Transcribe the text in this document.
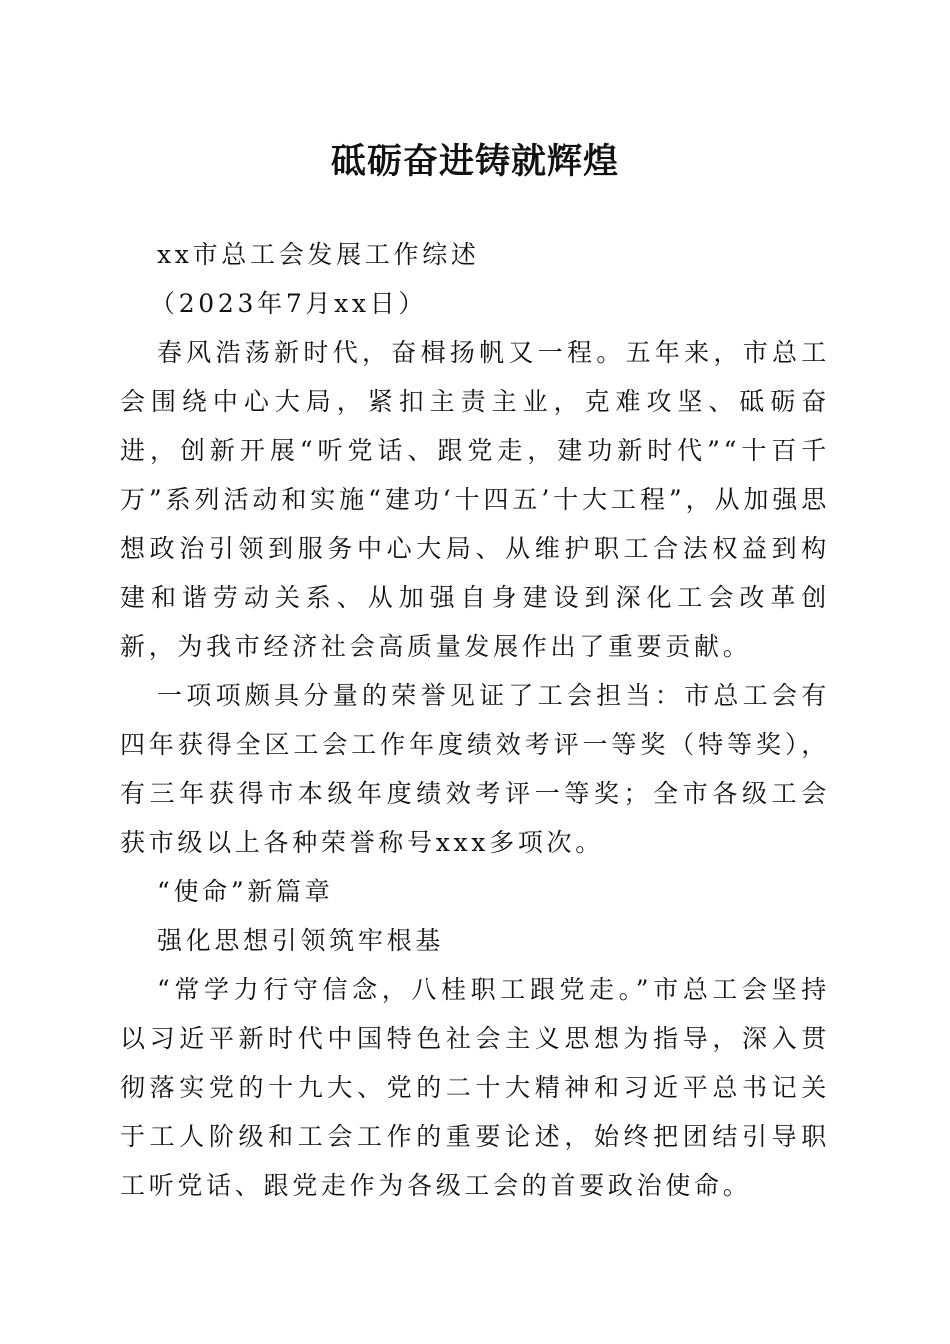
砥砺奋进铸就辉煌

xx市总工会发展工作综述

（2023年7月xx日）

春风浩荡新时代，奋楫扬帆又一程。五年来，市总工会围绕中心大局，紧扣主责主业，克难攻坚、砥砺奋进，创新开展“听党话、跟党走，建功新时代”“十百千万”系列活动和实施“建功‘十四五’十大工程”，从加强思想政治引领到服务中心大局、从维护职工合法权益到构建和谐劳动关系、从加强自身建设到深化工会改革创新，为我市经济社会高质量发展作出了重要贡献。

一项项颇具分量的荣誉见证了工会担当：市总工会有四年获得全区工会工作年度绩效考评一等奖（特等奖），有三年获得市本级年度绩效考评一等奖；全市各级工会获市级以上各种荣誉称号xxx多项次。

“使命”新篇章

强化思想引领筑牢根基

“常学力行守信念，八桂职工跟党走。”市总工会坚持以习近平新时代中国特色社会主义思想为指导，深入贯彻落实党的十九大、党的二十大精神和习近平总书记关于工人阶级和工会工作的重要论述，始终把团结引导职工听党话、跟党走作为各级工会的首要政治使命。
